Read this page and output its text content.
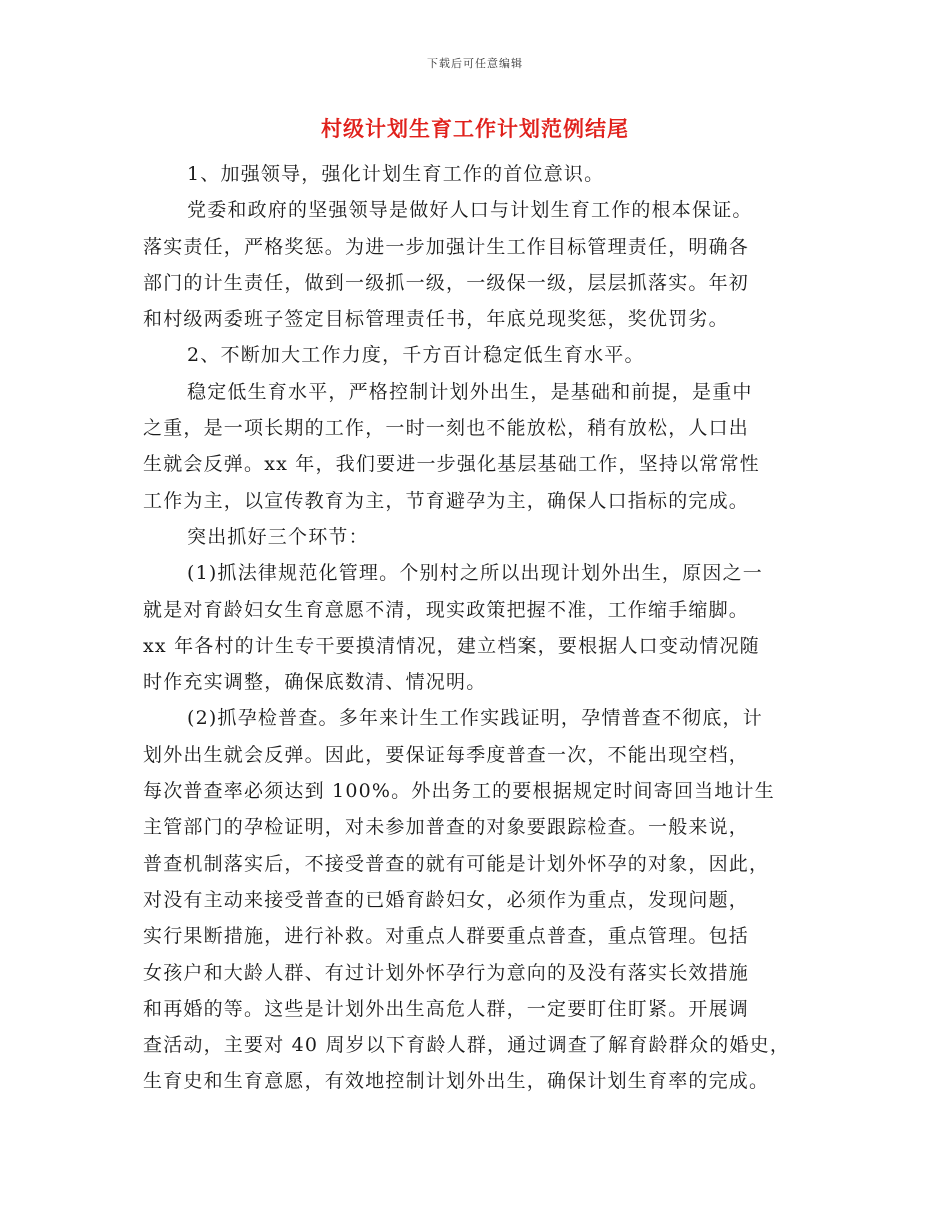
下载后可任意编辑
村级计划生育工作计划范例结尾
1、加强领导，强化计划生育工作的首位意识。
党委和政府的坚强领导是做好人口与计划生育工作的根本保证。
落实责任，严格奖惩。为进一步加强计生工作目标管理责任，明确各
部门的计生责任，做到一级抓一级，一级保一级，层层抓落实。年初
和村级两委班子签定目标管理责任书，年底兑现奖惩，奖优罚劣。
2、不断加大工作力度，千方百计稳定低生育水平。
稳定低生育水平，严格控制计划外出生，是基础和前提，是重中
之重，是一项长期的工作，一时一刻也不能放松，稍有放松，人口出
生就会反弹。xx 年，我们要进一步强化基层基础工作，坚持以常常性
工作为主，以宣传教育为主，节育避孕为主，确保人口指标的完成。
突出抓好三个环节：
(1)抓法律规范化管理。个别村之所以出现计划外出生，原因之一
就是对育龄妇女生育意愿不清，现实政策把握不准，工作缩手缩脚。
xx 年各村的计生专干要摸清情况，建立档案，要根据人口变动情况随
时作充实调整，确保底数清、情况明。
(2)抓孕检普查。多年来计生工作实践证明，孕情普查不彻底，计
划外出生就会反弹。因此，要保证每季度普查一次，不能出现空档，
每次普查率必须达到 100%。外出务工的要根据规定时间寄回当地计生
主管部门的孕检证明，对未参加普查的对象要跟踪检查。一般来说，
普查机制落实后，不接受普查的就有可能是计划外怀孕的对象，因此，
对没有主动来接受普查的已婚育龄妇女，必须作为重点，发现问题，
实行果断措施，进行补救。对重点人群要重点普查，重点管理。包括
女孩户和大龄人群、有过计划外怀孕行为意向的及没有落实长效措施
和再婚的等。这些是计划外出生高危人群，一定要盯住盯紧。开展调
查活动，主要对 40 周岁以下育龄人群，通过调查了解育龄群众的婚史，
生育史和生育意愿，有效地控制计划外出生，确保计划生育率的完成。
